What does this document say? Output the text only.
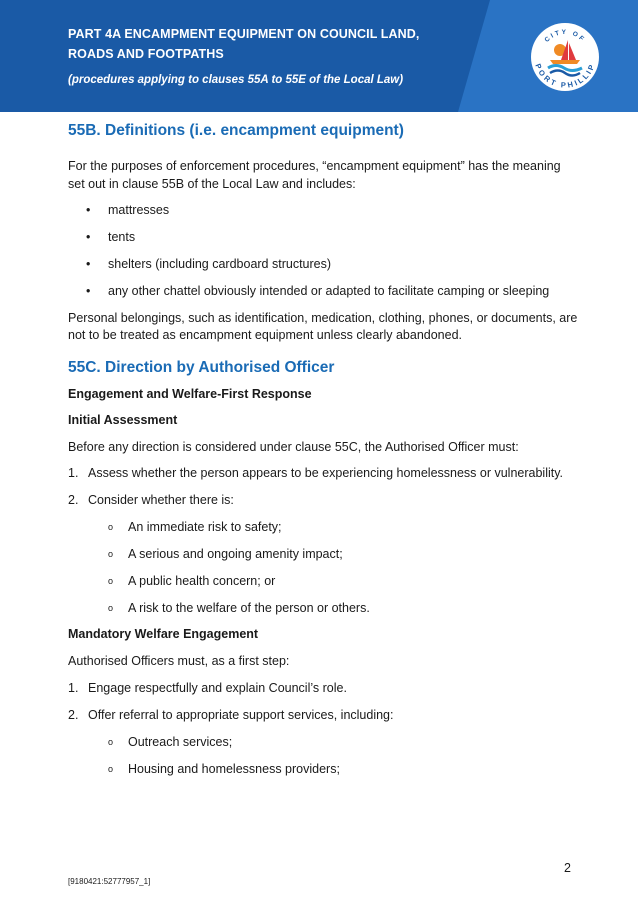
PART 4A ENCAMPMENT EQUIPMENT ON COUNCIL LAND, ROADS AND FOOTPATHS
(procedures applying to clauses 55A to 55E of the Local Law)
CITY OF
PORT PHILLIP
55B. Definitions (i.e. encampment equipment)

For the purposes of enforcement procedures, “encampment equipment” has the meaning set out in clause 55B of the Local Law and includes:

• mattresses
• tents
• shelters (including cardboard structures)
• any other chattel obviously intended or adapted to facilitate camping or sleeping

Personal belongings, such as identification, medication, clothing, phones, or documents, are not to be treated as encampment equipment unless clearly abandoned.

55C. Direction by Authorised Officer

Engagement and Welfare-First Response

Initial Assessment

Before any direction is considered under clause 55C, the Authorised Officer must:

1. Assess whether the person appears to be experiencing homelessness or vulnerability.
2. Consider whether there is:
o An immediate risk to safety;
o A serious and ongoing amenity impact;
o A public health concern; or
o A risk to the welfare of the person or others.

Mandatory Welfare Engagement

Authorised Officers must, as a first step:

1. Engage respectfully and explain Council’s role.
2. Offer referral to appropriate support services, including:
o Outreach services;
o Housing and homelessness providers;
2
[9180421:52777957_1]
